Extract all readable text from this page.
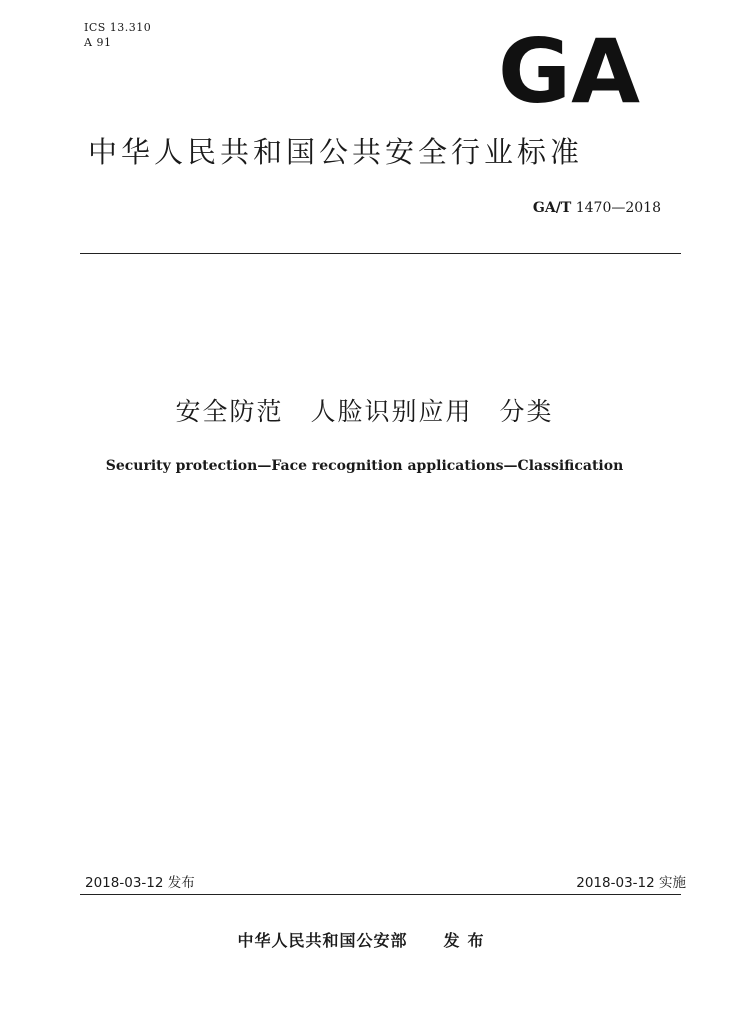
ICS 13.310
A 91	GA
中华人民共和国公共安全行业标准
GA/T 1470—2018
安全防范　人脸识别应用　分类
Security protection—Face recognition applications—Classification
2018-03-12 发布	2018-03-12 实施
中华人民共和国公安部 发布
